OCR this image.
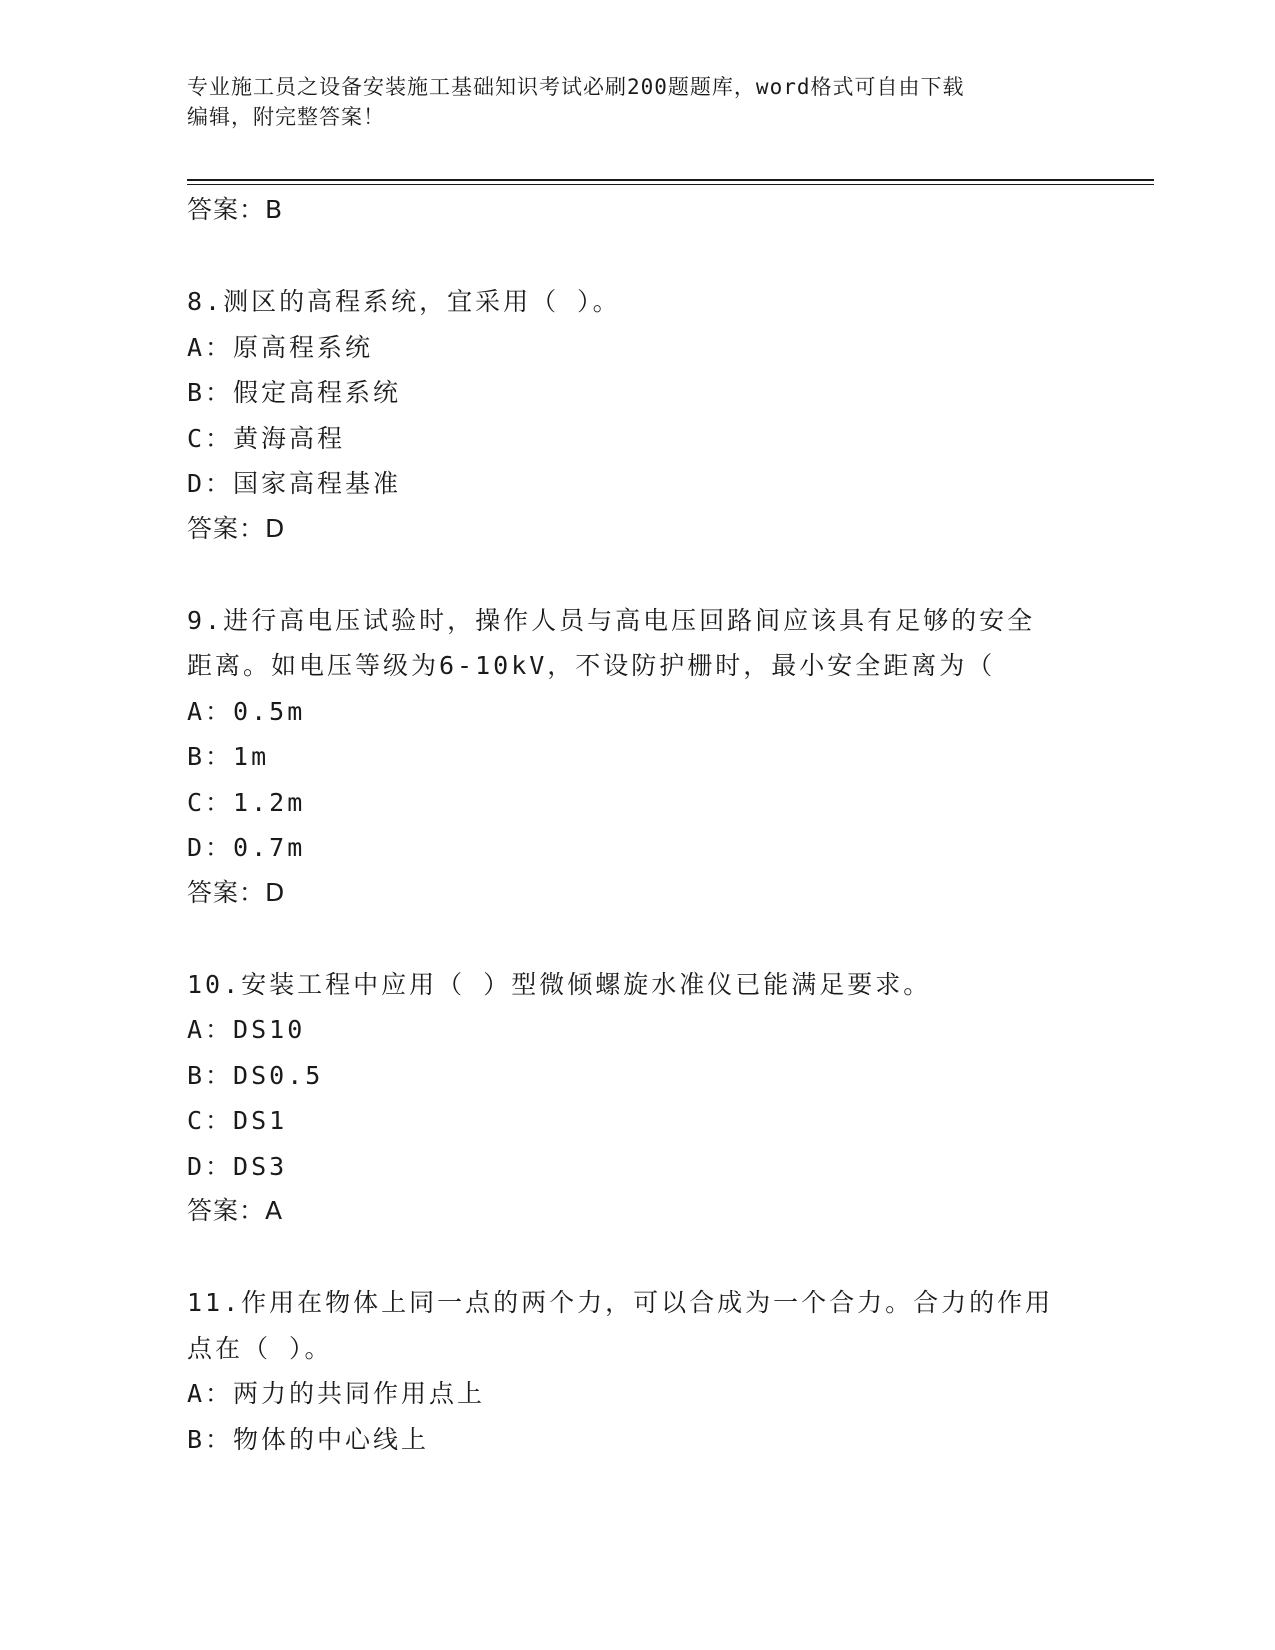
专业施工员之设备安装施工基础知识考试必刷200题题库，word格式可自由下载
编辑，附完整答案！
答案：B
8.测区的高程系统，宜采用（ ）。
A：原高程系统
B：假定高程系统
C：黄海高程
D：国家高程基准
答案：D
9.进行高电压试验时，操作人员与高电压回路间应该具有足够的安全
距离。如电压等级为6-10kV，不设防护栅时，最小安全距离为（
A：0.5m
B：1m
C：1.2m
D：0.7m
答案：D
10.安装工程中应用（ ）型微倾螺旋水准仪已能满足要求。
A：DS10
B：DS0.5
C：DS1
D：DS3
答案：A
11.作用在物体上同一点的两个力，可以合成为一个合力。合力的作用
点在（ ）。
A：两力的共同作用点上
B：物体的中心线上
